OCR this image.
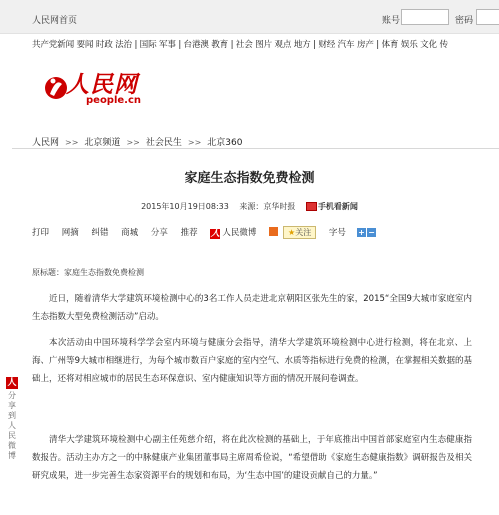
人民网首页	账号	密码
共产党新闻 要闻 时政 法治 | 国际 军事 | 台港澳 教育 | 社会 图片 观点 地方 | 财经 汽车 房产 | 体育 娱乐 文化 传
人民网
people.cn
人民网 >> 北京频道 >> 社会民生 >> 北京360
家庭生态指数免费检测
2015年10月19日08:33 来源：京华时报	手机看新闻
打印 网摘 纠错 商城 分享 推荐 人 人民微博	★关注 字号 + −
原标题：家庭生态指数免费检测

近日，随着清华大学建筑环境检测中心的3名工作人员走进北京朝阳区张先生的家，2015“全国9大城市家庭室内生态指数大型免费检测活动”启动。

本次活动由中国环境科学学会室内环境与健康分会指导，清华大学建筑环境检测中心进行检测，将在北京、上海、广州等9大城市相继进行，为每个城市数百户家庭的室内空气、水质等指标进行免费的检测，在掌握相关数据的基础上，还将对相应城市的居民生态环保意识、室内健康知识等方面的情况开展问卷调查。

清华大学建筑环境检测中心副主任苑慈介绍，将在此次检测的基础上，于年底推出中国首部家庭室内生态健康指数报告。活动主办方之一的中脉健康产业集团董事局主席周希俭说，“希望借助《家庭生态健康指数》调研报告及相关研究成果，进一步完善生态家资源平台的规划和布局，为‘生态中国’的建设贡献自己的力量。”

人
分享到人民微博
